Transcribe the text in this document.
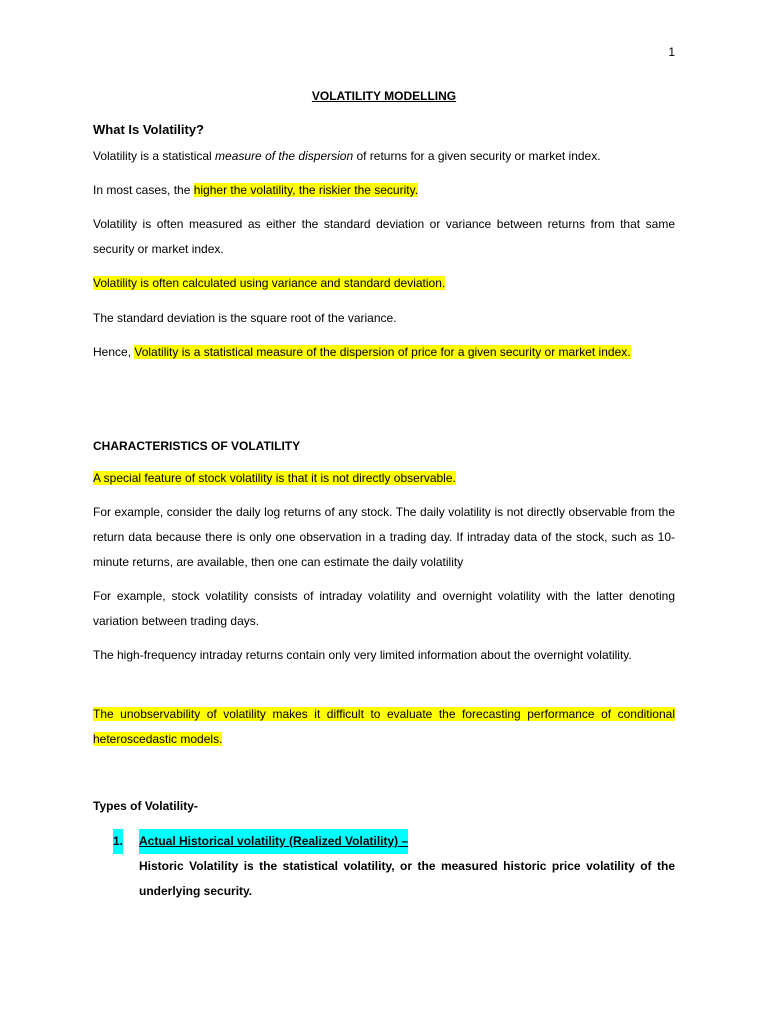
1
VOLATILITY MODELLING
What Is Volatility?

Volatility is a statistical measure of the dispersion of returns for a given security or market index.

In most cases, the higher the volatility, the riskier the security.

Volatility is often measured as either the standard deviation or variance between returns from that same security or market index.

Volatility is often calculated using variance and standard deviation.

The standard deviation is the square root of the variance.

Hence, Volatility is a statistical measure of the dispersion of price for a given security or market index.

CHARACTERISTICS OF VOLATILITY

A special feature of stock volatility is that it is not directly observable.

For example, consider the daily log returns of any stock. The daily volatility is not directly observable from the return data because there is only one observation in a trading day. If intraday data of the stock, such as 10-minute returns, are available, then one can estimate the daily volatility

For example, stock volatility consists of intraday volatility and overnight volatility with the latter denoting variation between trading days.

The high-frequency intraday returns contain only very limited information about the overnight volatility.

The unobservability of volatility makes it difficult to evaluate the forecasting performance of conditional heteroscedastic models.

Types of Volatility-
1. Actual Historical volatility (Realized Volatility) –

Historic Volatility is the statistical volatility, or the measured historic price volatility of the underlying security.
